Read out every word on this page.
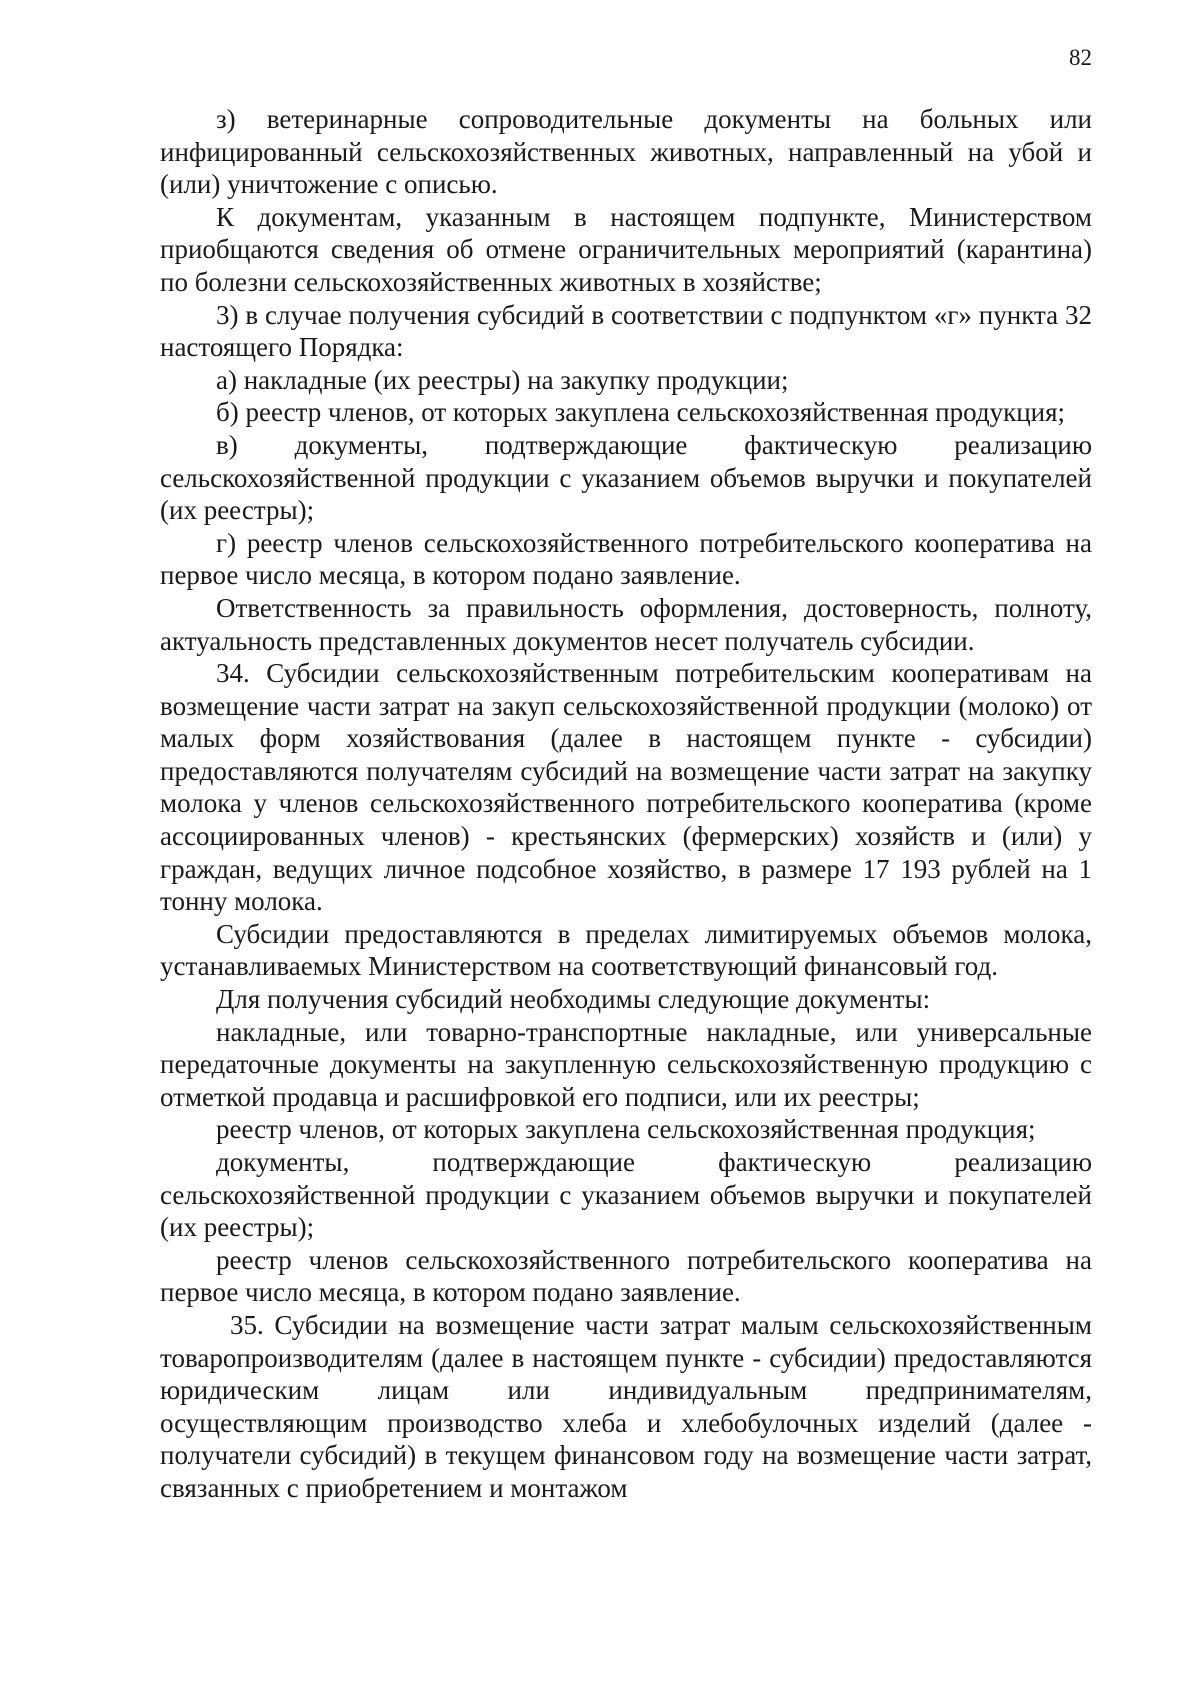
82

з) ветеринарные сопроводительные документы на больных или инфицированный сельскохозяйственных животных, направленный на убой и (или) уничтожение с описью.

К документам, указанным в настоящем подпункте, Министерством приобщаются сведения об отмене ограничительных мероприятий (карантина) по болезни сельскохозяйственных животных в хозяйстве;

3) в случае получения субсидий в соответствии с подпунктом «г» пункта 32 настоящего Порядка:

а) накладные (их реестры) на закупку продукции;

б) реестр членов, от которых закуплена сельскохозяйственная продукция;

в) документы, подтверждающие фактическую реализацию сельскохозяйственной продукции с указанием объемов выручки и покупателей (их реестры);

г) реестр членов сельскохозяйственного потребительского кооператива на первое число месяца, в котором подано заявление.

Ответственность за правильность оформления, достоверность, полноту, актуальность представленных документов несет получатель субсидии.

34. Субсидии сельскохозяйственным потребительским кооперативам на возмещение части затрат на закуп сельскохозяйственной продукции (молоко) от малых форм хозяйствования (далее в настоящем пункте - субсидии) предоставляются получателям субсидий на возмещение части затрат на закупку молока у членов сельскохозяйственного потребительского кооператива (кроме ассоциированных членов) - крестьянских (фермерских) хозяйств и (или) у граждан, ведущих личное подсобное хозяйство, в размере 17 193 рублей на 1 тонну молока.

Субсидии предоставляются в пределах лимитируемых объемов молока, устанавливаемых Министерством на соответствующий финансовый год.

Для получения субсидий необходимы следующие документы:

накладные, или товарно-транспортные накладные, или универсальные передаточные документы на закупленную сельскохозяйственную продукцию с отметкой продавца и расшифровкой его подписи, или их реестры;

реестр членов, от которых закуплена сельскохозяйственная продукция;

документы, подтверждающие фактическую реализацию сельскохозяйственной продукции с указанием объемов выручки и покупателей (их реестры);

реестр членов сельскохозяйственного потребительского кооператива на первое число месяца, в котором подано заявление.

35. Субсидии на возмещение части затрат малым сельскохозяйственным товаропроизводителям (далее в настоящем пункте - субсидии) предоставляются юридическим лицам или индивидуальным предпринимателям, осуществляющим производство хлеба и хлебобулочных изделий (далее - получатели субсидий) в текущем финансовом году на возмещение части затрат, связанных с приобретением и монтажом
